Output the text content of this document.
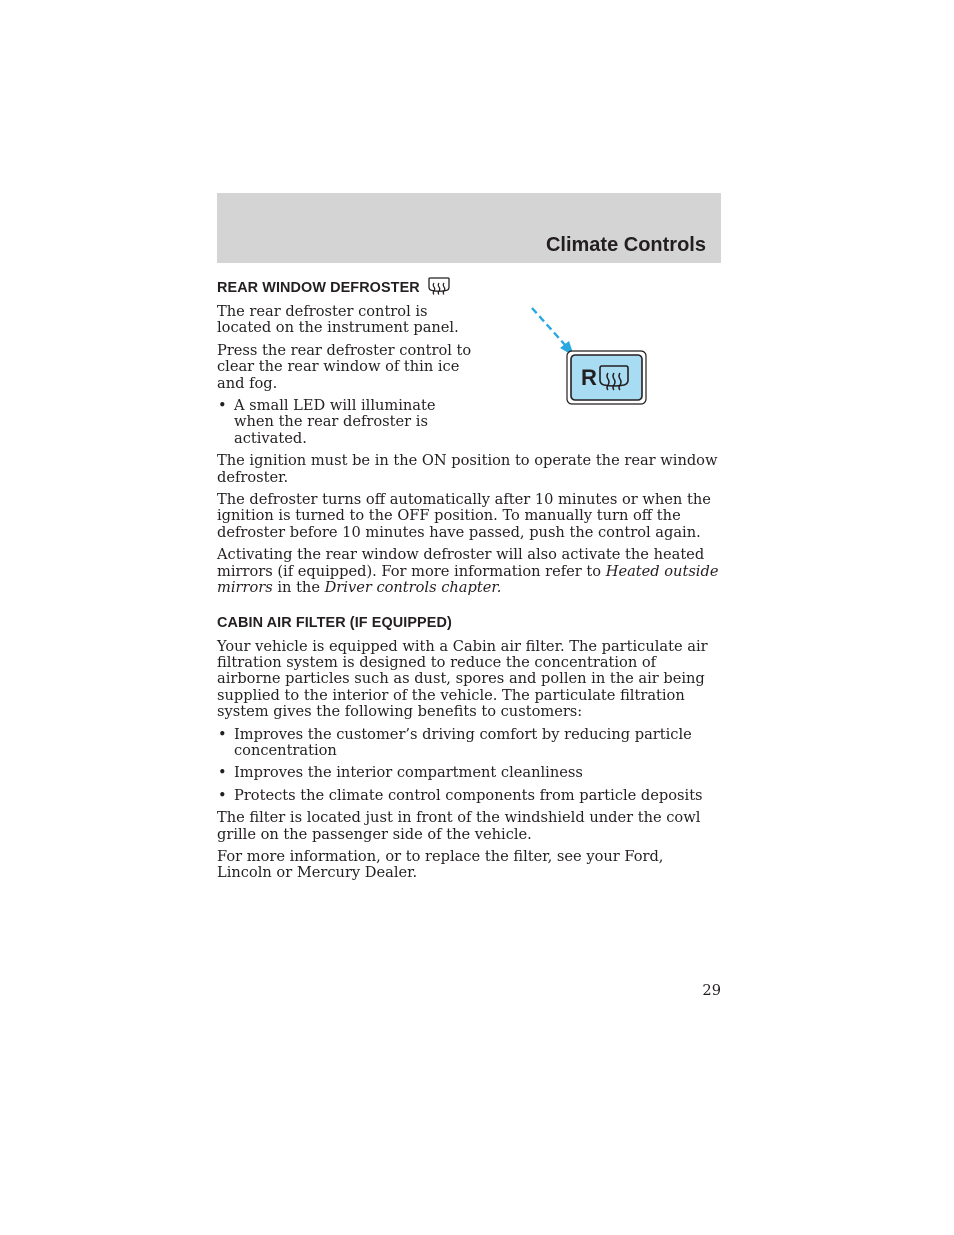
Climate Controls
R
REAR WINDOW DEFROSTER

The rear defroster control is located on the instrument panel.

Press the rear defroster control to clear the rear window of thin ice and fog.

• A small LED will illuminate when the rear defroster is activated.

The ignition must be in the ON position to operate the rear window defroster.

The defroster turns off automatically after 10 minutes or when the ignition is turned to the OFF position. To manually turn off the defroster before 10 minutes have passed, push the control again.

Activating the rear window defroster will also activate the heated mirrors (if equipped). For more information refer to Heated outside mirrors in the Driver controls chapter.

CABIN AIR FILTER (IF EQUIPPED)

Your vehicle is equipped with a Cabin air filter. The particulate air filtration system is designed to reduce the concentration of airborne particles such as dust, spores and pollen in the air being supplied to the interior of the vehicle. The particulate filtration system gives the following benefits to customers:

• Improves the customer’s driving comfort by reducing particle concentration
• Improves the interior compartment cleanliness
• Protects the climate control components from particle deposits

The filter is located just in front of the windshield under the cowl grille on the passenger side of the vehicle.

For more information, or to replace the filter, see your Ford, Lincoln or Mercury Dealer.

29
